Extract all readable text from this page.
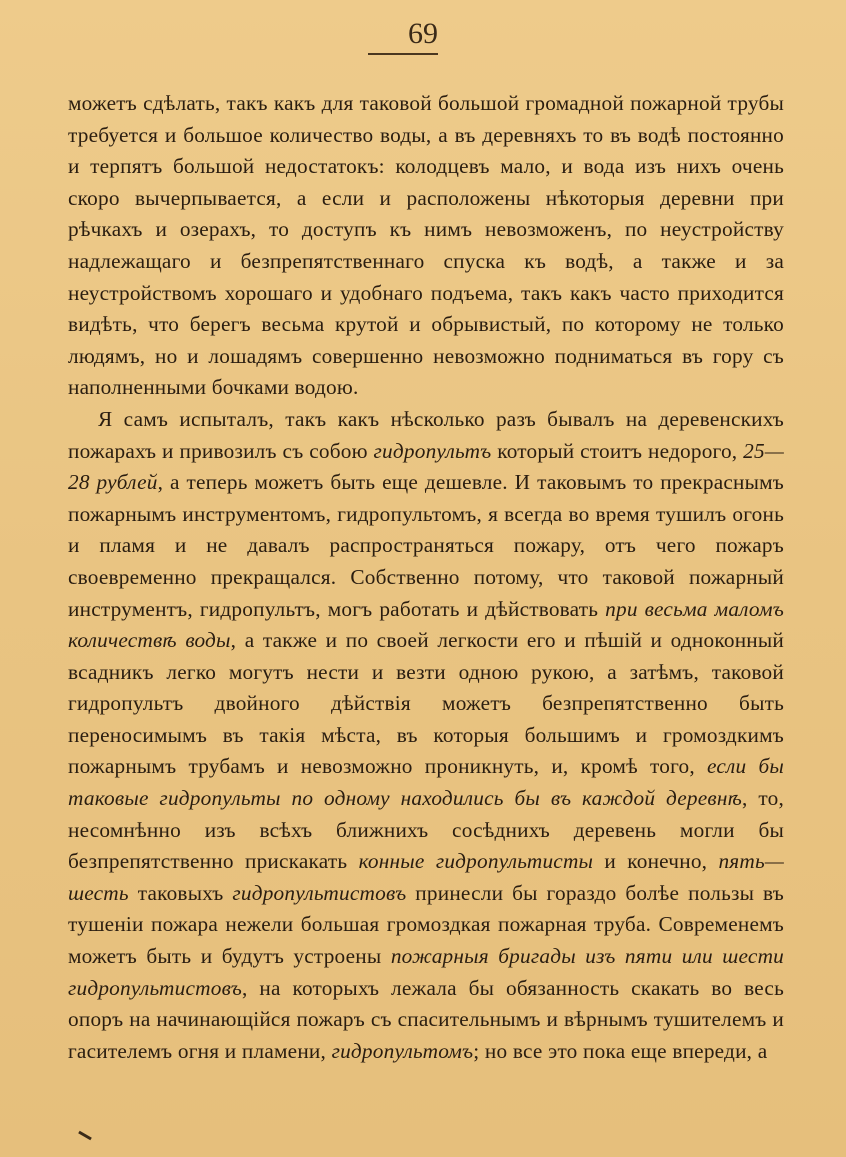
69

можетъ сдѣлать, такъ какъ для таковой большой громадной пожарной трубы требуется и большое количество воды, а въ деревняхъ то въ водѣ постоянно и терпятъ большой недостатокъ: колодцевъ мало, и вода изъ нихъ очень скоро вычерпывается, а если и расположены нѣкоторыя деревни при рѣчкахъ и озерахъ, то доступъ къ нимъ невозможенъ, по неустройству надлежащаго и безпрепятственнаго спуска къ водѣ, а также и за неустройствомъ хорошаго и удобнаго подъема, такъ какъ часто приходится видѣть, что берегъ весьма крутой и обрывистый, по которому не только людямъ, но и лошадямъ совершенно невозможно подниматься въ гору съ наполненными бочками водою.

Я самъ испыталъ, такъ какъ нѣсколько разъ бывалъ на деревенскихъ пожарахъ и привозилъ съ собою гидропультъ который стоитъ недорого, 25—28 рублей, а теперь можетъ быть еще дешевле. И таковымъ то прекраснымъ пожарнымъ инструментомъ, гидропультомъ, я всегда во время тушилъ огонь и пламя и не давалъ распространяться пожару, отъ чего пожаръ своевременно прекращался. Собственно потому, что таковой пожарный инструментъ, гидропультъ, могъ работать и дѣйствовать при весьма маломъ количествѣ воды, а также и по своей легкости его и пѣшій и одноконный всадникъ легко могутъ нести и везти одною рукою, а затѣмъ, таковой гидропультъ двойного дѣйствія можетъ безпрепятственно быть переносимымъ въ такія мѣста, въ которыя большимъ и громоздкимъ пожарнымъ трубамъ и невозможно проникнуть, и, кромѣ того, если бы таковые гидропульты по одному находились бы въ каждой деревнѣ, то, несомнѣнно изъ всѣхъ ближнихъ сосѣднихъ деревень могли бы безпрепятственно прискакать конные гидропультисты и конечно, пять—шесть таковыхъ гидропультистовъ принесли бы гораздо болѣе пользы въ тушеніи пожара нежели большая громоздкая пожарная труба. Современемъ можетъ быть и будутъ устроены пожарныя бригады изъ пяти или шести гидропультистовъ, на которыхъ лежала бы обязанность скакать во весь опоръ на начинающійся пожаръ съ спасительнымъ и вѣрнымъ тушителемъ и гасителемъ огня и пламени, гидропультомъ; но все это пока еще впереди, а
